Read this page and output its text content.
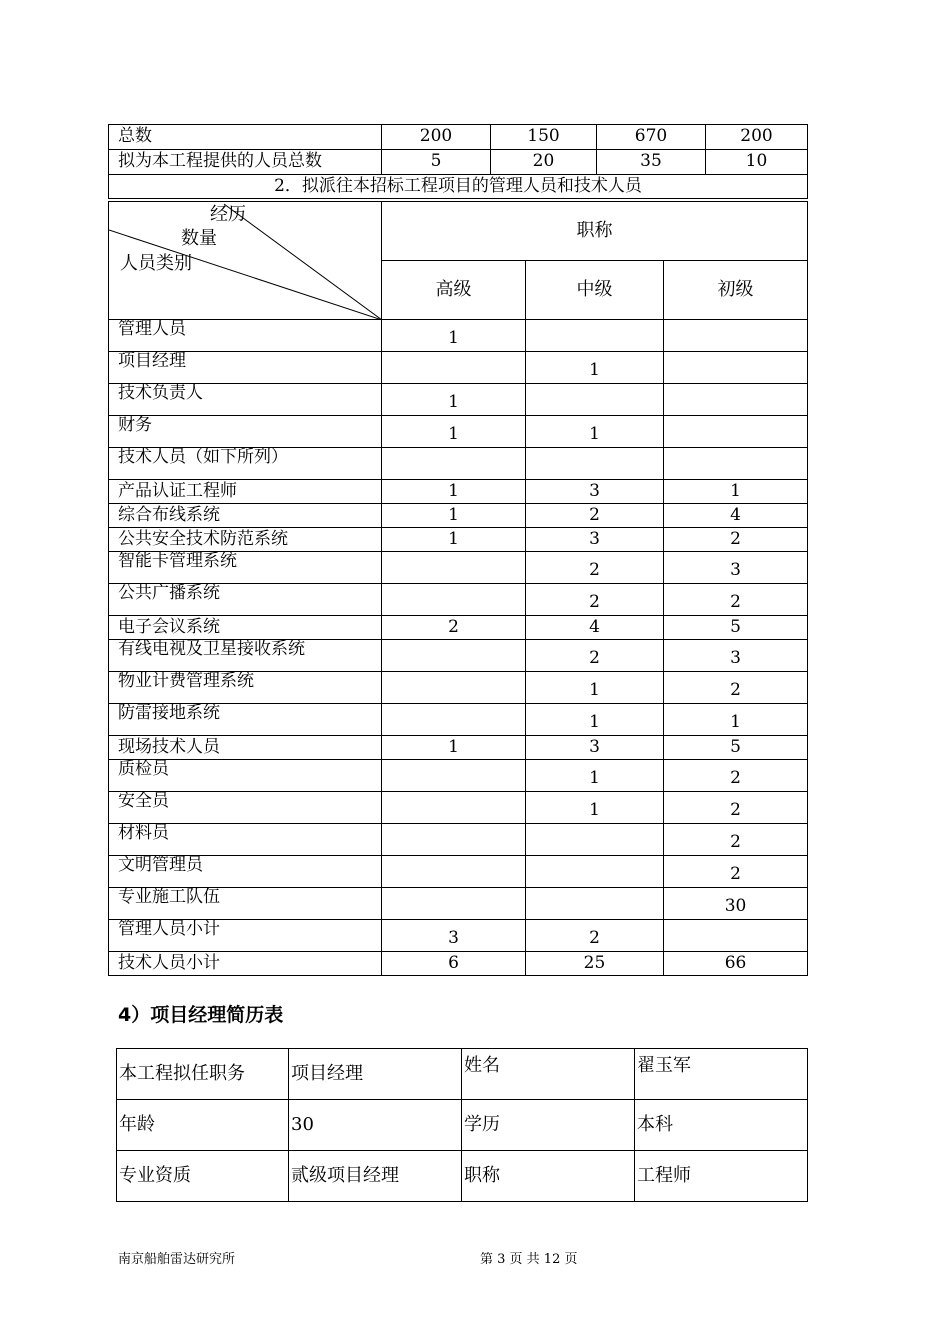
总数	200	150	670	200
拟为本工程提供的人员总数	5	20	35	10
2．拟派往本招标工程项目的管理人员和技术人员				
经历
数量
人员类别	职称		
	高级	中级	初级
管理人员	1		
项目经理		1	
技术负责人	1		
财务	1	1	
技术人员（如下所列）			
产品认证工程师	1	3	1
综合布线系统	1	2	4
公共安全技术防范系统	1	3	2
智能卡管理系统		2	3
公共广播系统		2	2
电子会议系统	2	4	5
有线电视及卫星接收系统		2	3
物业计费管理系统		1	2
防雷接地系统		1	1
现场技术人员	1	3	5
质检员		1	2
安全员		1	2
材料员			2
文明管理员			2
专业施工队伍			30
管理人员小计	3	2	
技术人员小计	6	25	66
4）项目经理简历表
本工程拟任职务	项目经理	姓名	翟玉军
年龄	30	学历	本科
专业资质	贰级项目经理	职称	工程师
南京船舶雷达研究所	第 3 页 共 12 页
